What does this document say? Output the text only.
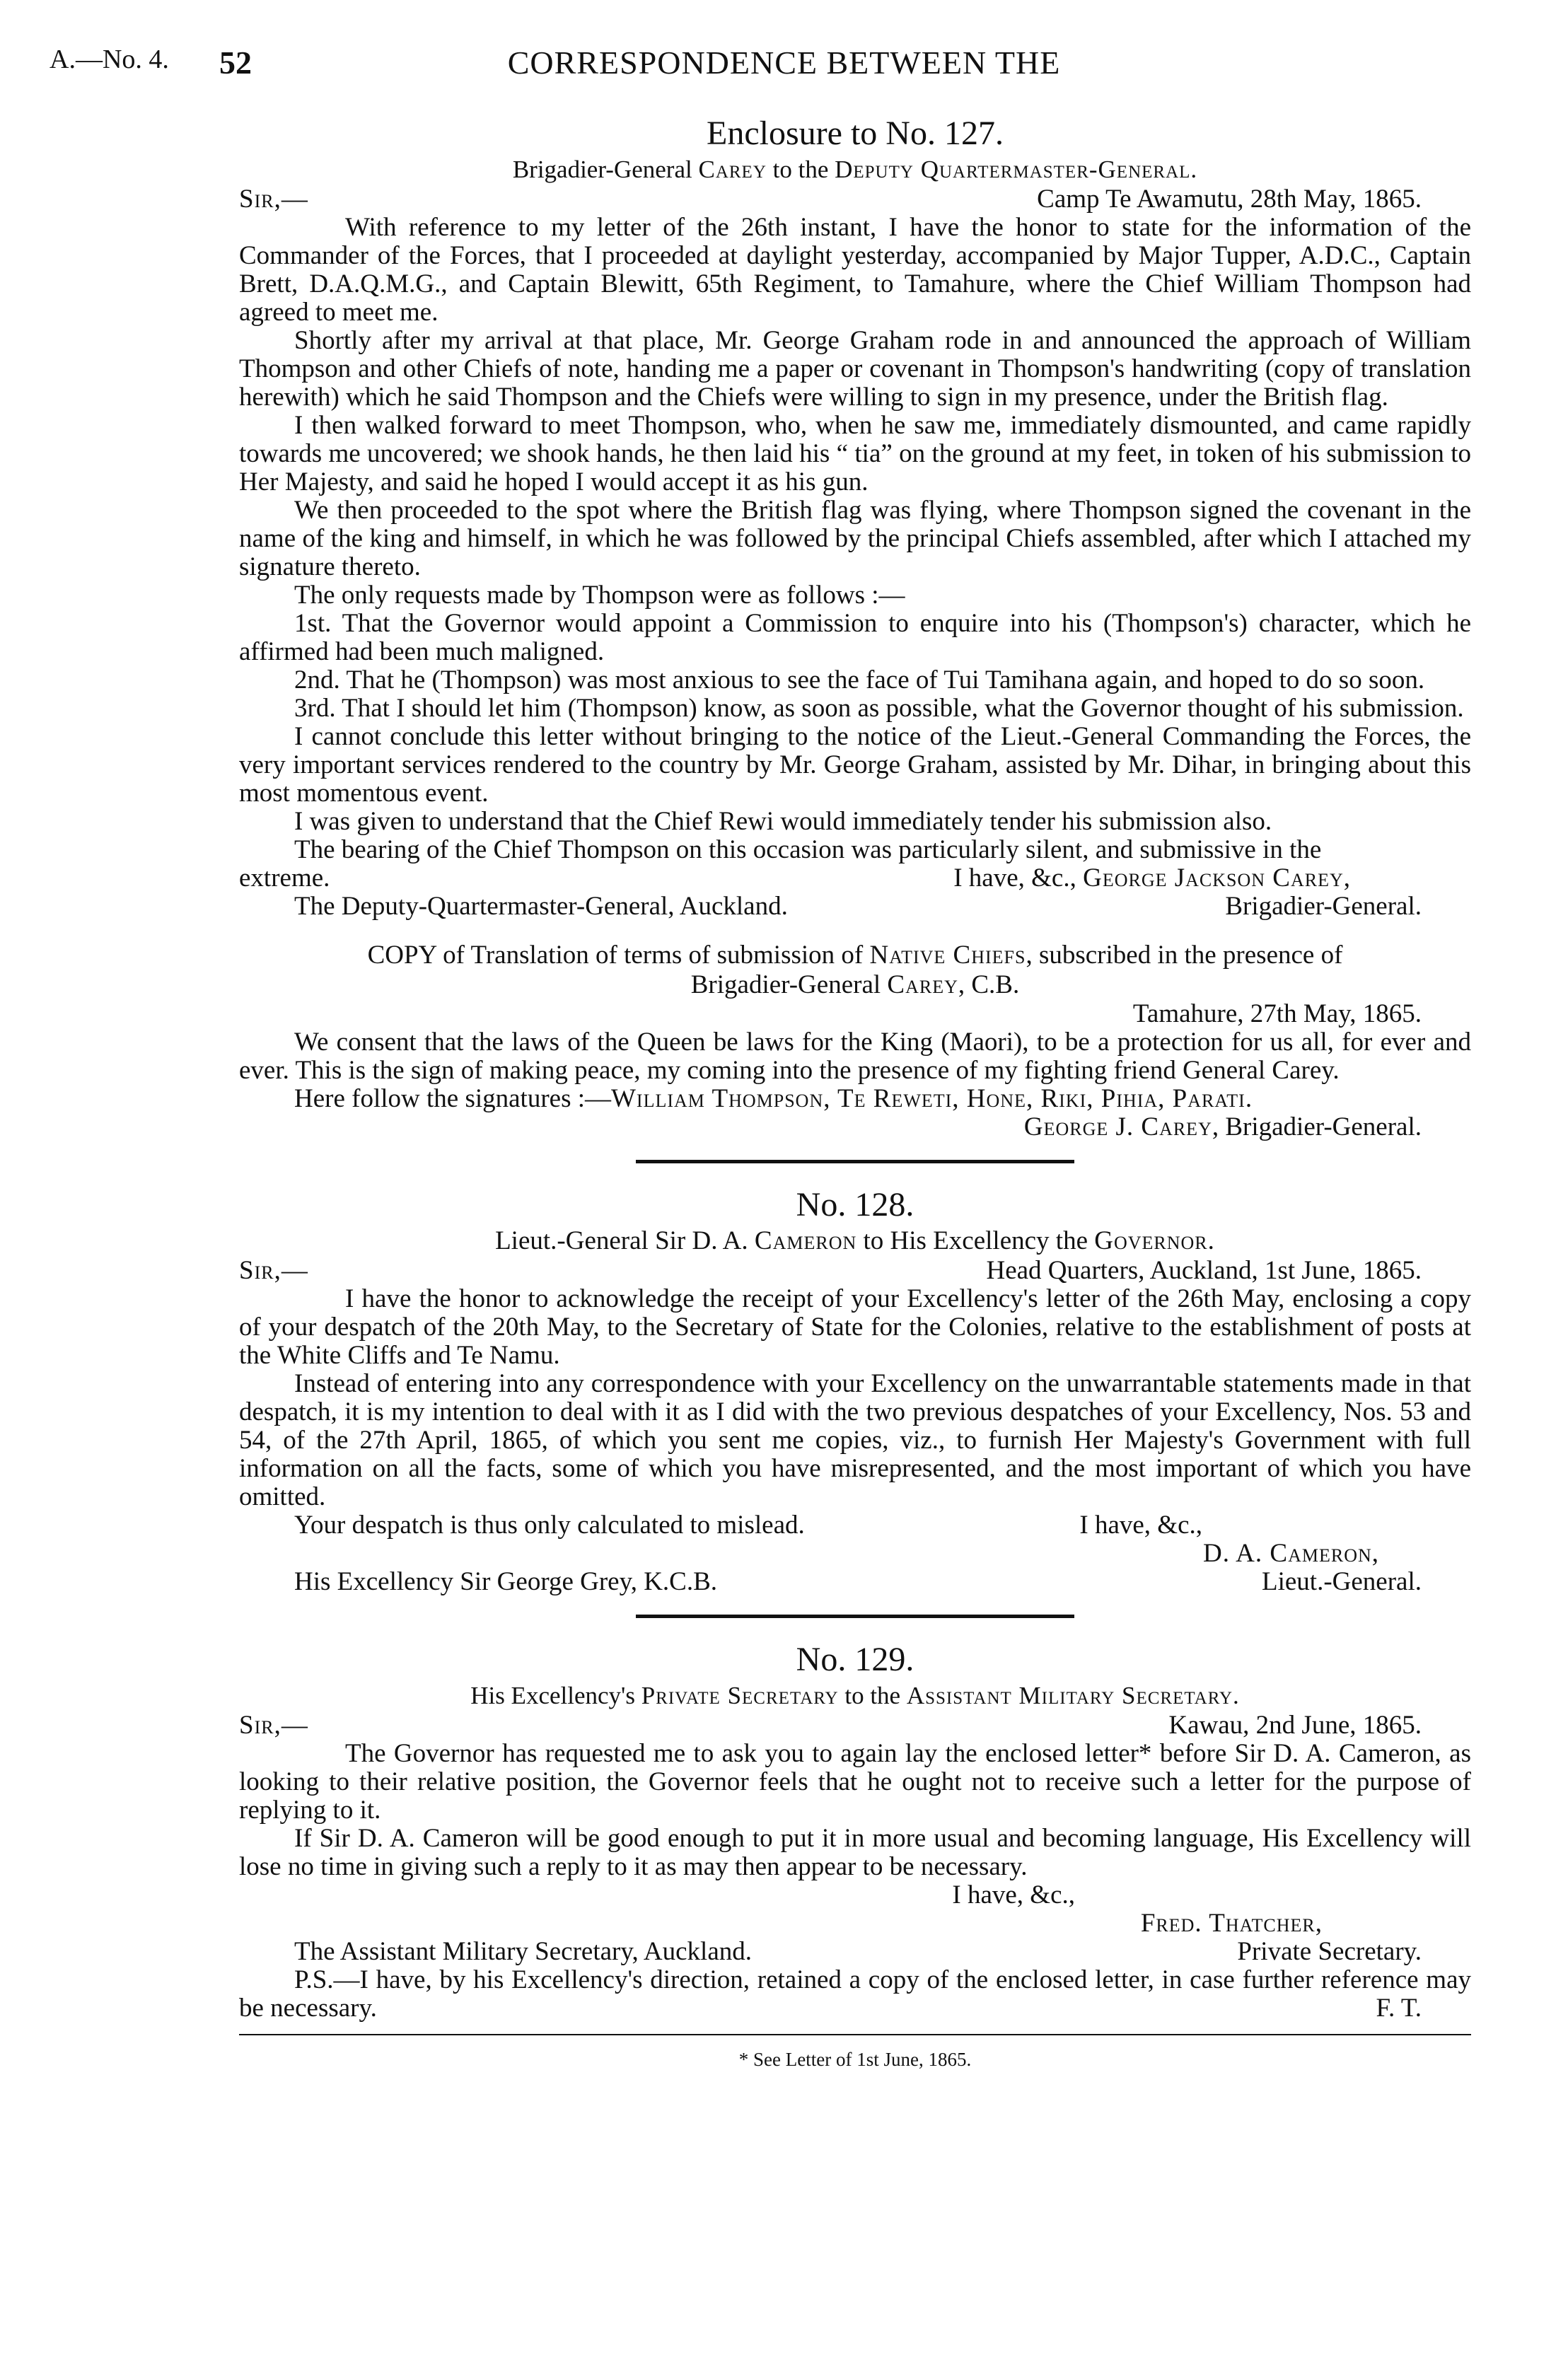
A.—No. 4. 52	CORRESPONDENCE BETWEEN THE
Enclosure to No. 127.
Brigadier-General Carey to the Deputy Quartermaster-General.
Sir,—	Camp Te Awamutu, 28th May, 1865.

With reference to my letter of the 26th instant, I have the honor to state for the information of the Commander of the Forces, that I proceeded at daylight yesterday, accompanied by Major Tupper, A.D.C., Captain Brett, D.A.Q.M.G., and Captain Blewitt, 65th Regiment, to Tamahure, where the Chief William Thompson had agreed to meet me.

Shortly after my arrival at that place, Mr. George Graham rode in and announced the approach of William Thompson and other Chiefs of note, handing me a paper or covenant in Thompson's handwriting (copy of translation herewith) which he said Thompson and the Chiefs were willing to sign in my presence, under the British flag.

I then walked forward to meet Thompson, who, when he saw me, immediately dismounted, and came rapidly towards me uncovered; we shook hands, he then laid his “ tia” on the ground at my feet, in token of his submission to Her Majesty, and said he hoped I would accept it as his gun.

We then proceeded to the spot where the British flag was flying, where Thompson signed the covenant in the name of the king and himself, in which he was followed by the principal Chiefs assembled, after which I attached my signature thereto.

The only requests made by Thompson were as follows :—

1st. That the Governor would appoint a Commission to enquire into his (Thompson's) character, which he affirmed had been much maligned.

2nd. That he (Thompson) was most anxious to see the face of Tui Tamihana again, and hoped to do so soon.

3rd. That I should let him (Thompson) know, as soon as possible, what the Governor thought of his submission.

I cannot conclude this letter without bringing to the notice of the Lieut.-General Commanding the Forces, the very important services rendered to the country by Mr. George Graham, assisted by Mr. Dihar, in bringing about this most momentous event.

I was given to understand that the Chief Rewi would immediately tender his submission also.

The bearing of the Chief Thompson on this occasion was particularly silent, and submissive in the

extreme.	I have, &c., George Jackson Carey,
The Deputy-Quartermaster-General, Auckland.	Brigadier-General.
COPY of Translation of terms of submission of Native Chiefs, subscribed in the presence of
Brigadier-General Carey, C.B.
Tamahure, 27th May, 1865.

We consent that the laws of the Queen be laws for the King (Maori), to be a protection for us all, for ever and ever. This is the sign of making peace, my coming into the presence of my fighting friend General Carey.

Here follow the signatures :—William Thompson, Te Reweti, Hone, Riki, Pihia, Parati.

George J. Carey, Brigadier-General.
No. 128.
Lieut.-General Sir D. A. Cameron to His Excellency the Governor.
Sir,—	Head Quarters, Auckland, 1st June, 1865.

I have the honor to acknowledge the receipt of your Excellency's letter of the 26th May, enclosing a copy of your despatch of the 20th May, to the Secretary of State for the Colonies, relative to the establishment of posts at the White Cliffs and Te Namu.

Instead of entering into any correspondence with your Excellency on the unwarrantable statements made in that despatch, it is my intention to deal with it as I did with the two previous despatches of your Excellency, Nos. 53 and 54, of the 27th April, 1865, of which you sent me copies, viz., to furnish Her Majesty's Government with full information on all the facts, some of which you have misrepresented, and the most important of which you have omitted.

Your despatch is thus only calculated to mislead.	I have, &c.,
D. A. Cameron,
His Excellency Sir George Grey, K.C.B.	Lieut.-General.
No. 129.
His Excellency's Private Secretary to the Assistant Military Secretary.
Sir,—	Kawau, 2nd June, 1865.

The Governor has requested me to ask you to again lay the enclosed letter* before Sir D. A. Cameron, as looking to their relative position, the Governor feels that he ought not to receive such a letter for the purpose of replying to it.

If Sir D. A. Cameron will be good enough to put it in more usual and becoming language, His Excellency will lose no time in giving such a reply to it as may then appear to be necessary.

I have, &c.,
Fred. Thatcher,
The Assistant Military Secretary, Auckland.	Private Secretary.

P.S.—I have, by his Excellency's direction, retained a copy of the enclosed letter, in case further reference may be necessary.	F. T.

* See Letter of 1st June, 1865.
